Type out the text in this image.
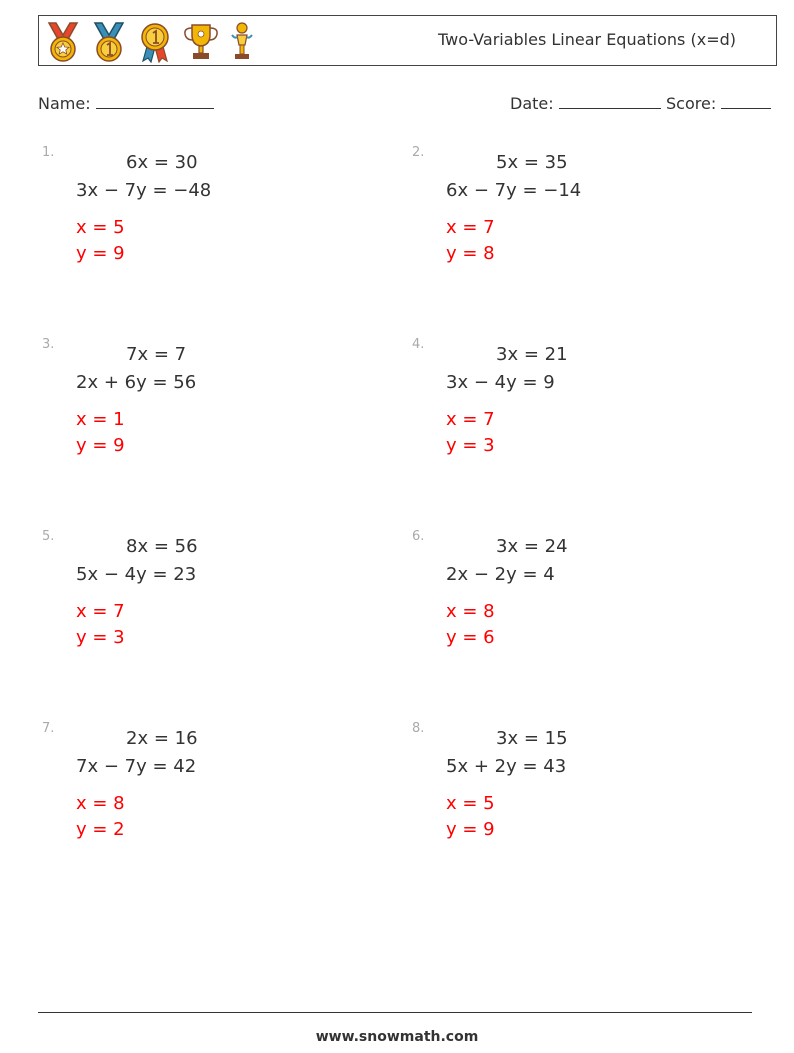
Two-Variables Linear Equations (x=d)
Name:	Date:	Score:
1.	6x = 30
3x − 7y = −48
x = 5
y = 9
2.	5x = 35
6x − 7y = −14
x = 7
y = 8
3.	7x = 7
2x + 6y = 56
x = 1
y = 9
4.	3x = 21
3x − 4y = 9
x = 7
y = 3
5.	8x = 56
5x − 4y = 23
x = 7
y = 3
6.	3x = 24
2x − 2y = 4
x = 8
y = 6
7.	2x = 16
7x − 7y = 42
x = 8
y = 2
8.	3x = 15
5x + 2y = 43
x = 5
y = 9
www.snowmath.com
